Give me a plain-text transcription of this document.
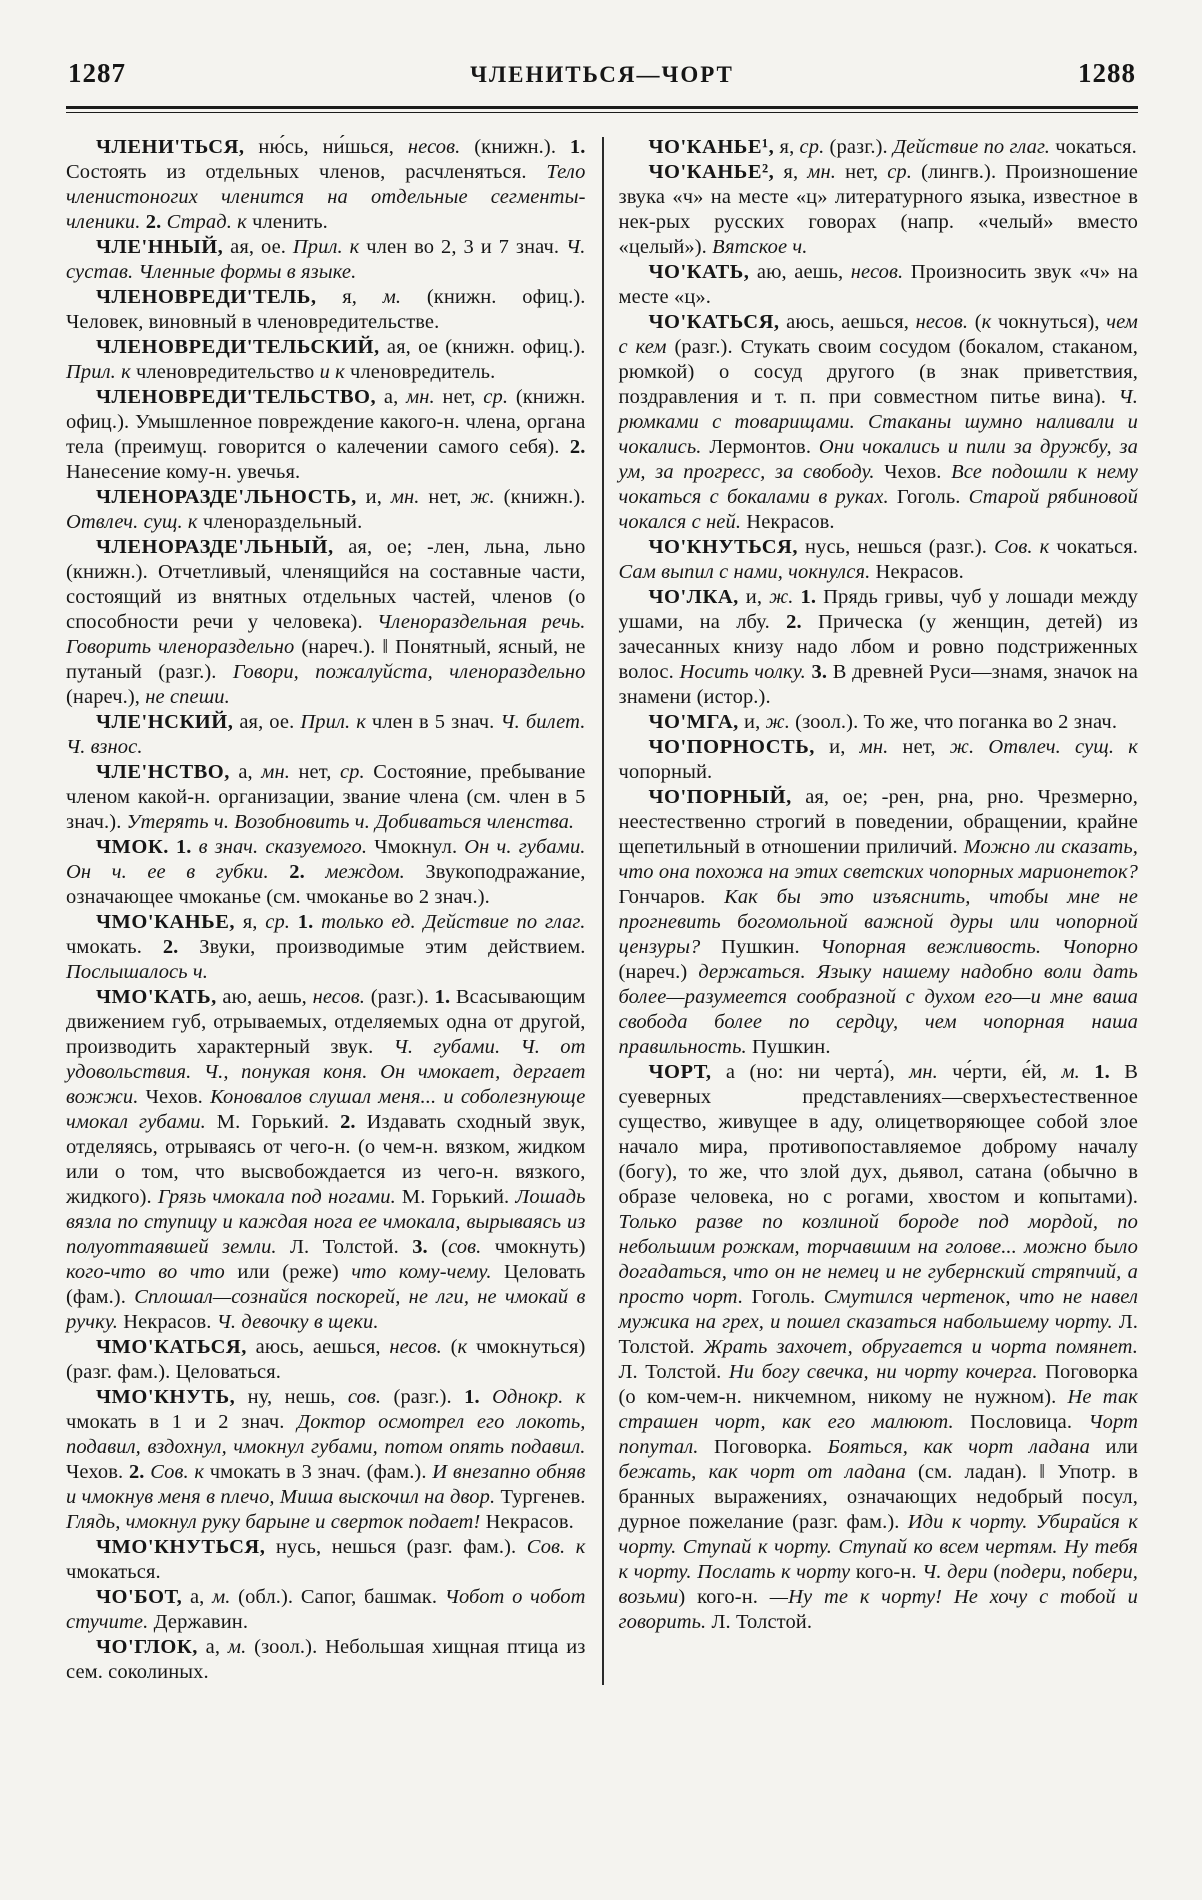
1287	ЧЛЕНИТЬСЯ—ЧОРТ	1288

ЧЛЕНИ'ТЬСЯ, ню́сь, ни́шься, несов. (книжн.). 1. Состоять из отдельных членов, расчленяться. Тело членистоногих членится на отдельные сегменты-членики. 2. Страд. к членить.

ЧЛЕ'ННЫЙ, ая, ое. Прил. к член во 2, 3 и 7 знач. Ч. сустав. Членные формы в языке.

ЧЛЕНОВРЕДИ'ТЕЛЬ, я, м. (книжн. офиц.). Человек, виновный в членовредительстве.

ЧЛЕНОВРЕДИ'ТЕЛЬСКИЙ, ая, ое (книжн. офиц.). Прил. к членовредительство и к членовредитель.

ЧЛЕНОВРЕДИ'ТЕЛЬСТВО, а, мн. нет, ср. (книжн. офиц.). Умышленное повреждение какого-н. члена, органа тела (преимущ. говорится о калечении самого себя). 2. Нанесение кому-н. увечья.

ЧЛЕНОРАЗДЕ'ЛЬНОСТЬ, и, мн. нет, ж. (книжн.). Отвлеч. сущ. к членораздельный.

ЧЛЕНОРАЗДЕ'ЛЬНЫЙ, ая, ое; -лен, льна, льно (книжн.). Отчетливый, членящийся на составные части, состоящий из внятных отдельных частей, членов (о способности речи у человека). Членораздельная речь. Говорить членораздельно (нареч.). ‖ Понятный, ясный, не путаный (разг.). Говори, пожалуйста, членораздельно (нареч.), не спеши.

ЧЛЕ'НСКИЙ, ая, ое. Прил. к член в 5 знач. Ч. билет. Ч. взнос.

ЧЛЕ'НСТВО, а, мн. нет, ср. Состояние, пребывание членом какой-н. организации, звание члена (см. член в 5 знач.). Утерять ч. Возобновить ч. Добиваться членства.

ЧМОК. 1. в знач. сказуемого. Чмокнул. Он ч. губами. Он ч. ее в губки. 2. междом. Звукоподражание, означающее чмоканье (см. чмоканье во 2 знач.).

ЧМО'КАНЬЕ, я, ср. 1. только ед. Действие по глаг. чмокать. 2. Звуки, производимые этим действием. Послышалось ч.

ЧМО'КАТЬ, аю, аешь, несов. (разг.). 1. Всасывающим движением губ, отрываемых, отделяемых одна от другой, производить характерный звук. Ч. губами. Ч. от удовольствия. Ч., понукая коня. Он чмокает, дергает вожжи. Чехов. Коновалов слушал меня... и соболезнующе чмокал губами. М. Горький. 2. Издавать сходный звук, отделяясь, отрываясь от чего-н. (о чем-н. вязком, жидком или о том, что высвобождается из чего-н. вязкого, жидкого). Грязь чмокала под ногами. М. Горький. Лошадь вязла по ступицу и каждая нога ее чмокала, вырываясь из полуоттаявшей земли. Л. Толстой. 3. (сов. чмокнуть) кого-что во что или (реже) что кому-чему. Целовать (фам.). Сплошал—сознайся поскорей, не лги, не чмокай в ручку. Некрасов. Ч. девочку в щеки.

ЧМО'КАТЬСЯ, аюсь, аешься, несов. (к чмокнуться) (разг. фам.). Целоваться.

ЧМО'КНУТЬ, ну, нешь, сов. (разг.). 1. Однокр. к чмокать в 1 и 2 знач. Доктор осмотрел его локоть, подавил, вздохнул, чмокнул губами, потом опять подавил. Чехов. 2. Сов. к чмокать в 3 знач. (фам.). И внезапно обняв и чмокнув меня в плечо, Миша выскочил на двор. Тургенев. Глядь, чмокнул руку барыне и сверток подает! Некрасов.

ЧМО'КНУТЬСЯ, нусь, нешься (разг. фам.). Сов. к чмокаться.

ЧО'БОТ, а, м. (обл.). Сапог, башмак. Чобот о чобот стучите. Державин.

ЧО'ГЛОК, а, м. (зоол.). Небольшая хищная птица из сем. соколиных.

ЧО'КАНЬЕ¹, я, ср. (разг.). Действие по глаг. чокаться.

ЧО'КАНЬЕ², я, мн. нет, ср. (лингв.). Произношение звука «ч» на месте «ц» литературного языка, известное в нек-рых русских говорах (напр. «челый» вместо «целый»). Вятское ч.

ЧО'КАТЬ, аю, аешь, несов. Произносить звук «ч» на месте «ц».

ЧО'КАТЬСЯ, аюсь, аешься, несов. (к чокнуться), чем с кем (разг.). Стукать своим сосудом (бокалом, стаканом, рюмкой) о сосуд другого (в знак приветствия, поздравления и т. п. при совместном питье вина). Ч. рюмками с товарищами. Стаканы шумно наливали и чокались. Лермонтов. Они чокались и пили за дружбу, за ум, за прогресс, за свободу. Чехов. Все подошли к нему чокаться с бокалами в руках. Гоголь. Старой рябиновой чокался с ней. Некрасов.

ЧО'КНУТЬСЯ, нусь, нешься (разг.). Сов. к чокаться. Сам выпил с нами, чокнулся. Некрасов.

ЧО'ЛКА, и, ж. 1. Прядь гривы, чуб у лошади между ушами, на лбу. 2. Прическа (у женщин, детей) из зачесанных книзу надо лбом и ровно подстриженных волос. Носить чолку. 3. В древней Руси—знамя, значок на знамени (истор.).

ЧО'МГА, и, ж. (зоол.). То же, что поганка во 2 знач.

ЧО'ПОРНОСТЬ, и, мн. нет, ж. Отвлеч. сущ. к чопорный.

ЧО'ПОРНЫЙ, ая, ое; -рен, рна, рно. Чрезмерно, неестественно строгий в поведении, обращении, крайне щепетильный в отношении приличий. Можно ли сказать, что она похожа на этих светских чопорных марионеток? Гончаров. Как бы это изъяснить, чтобы мне не прогневить богомольной важной дуры или чопорной цензуры? Пушкин. Чопорная вежливость. Чопорно (нареч.) держаться. Языку нашему надобно воли дать более—разумеется сообразной с духом его—и мне ваша свобода более по сердцу, чем чопорная наша правильность. Пушкин.

ЧОРТ, а (но: ни черта́), мн. че́рти, е́й, м. 1. В суеверных представлениях—сверхъестественное существо, живущее в аду, олицетворяющее собой злое начало мира, противопоставляемое доброму началу (богу), то же, что злой дух, дьявол, сатана (обычно в образе человека, но с рогами, хвостом и копытами). Только разве по козлиной бороде под мордой, по небольшим рожкам, торчавшим на голове... можно было догадаться, что он не немец и не губернский стряпчий, а просто чорт. Гоголь. Смутился чертенок, что не навел мужика на грех, и пошел сказаться набольшему чорту. Л. Толстой. Жрать захочет, обругается и чорта помянет. Л. Толстой. Ни богу свечка, ни чорту кочерга. Поговорка (о ком-чем-н. никчемном, никому не нужном). Не так страшен чорт, как его малюют. Пословица. Чорт попутал. Поговорка. Бояться, как чорт ладана или бежать, как чорт от ладана (см. ладан). ‖ Употр. в бранных выражениях, означающих недобрый посул, дурное пожелание (разг. фам.). Иди к чорту. Убирайся к чорту. Ступай к чорту. Ступай ко всем чертям. Ну тебя к чорту. Послать к чорту кого-н. Ч. дери (подери, побери, возьми) кого-н. —Ну те к чорту! Не хочу с тобой и говорить. Л. Толстой.
